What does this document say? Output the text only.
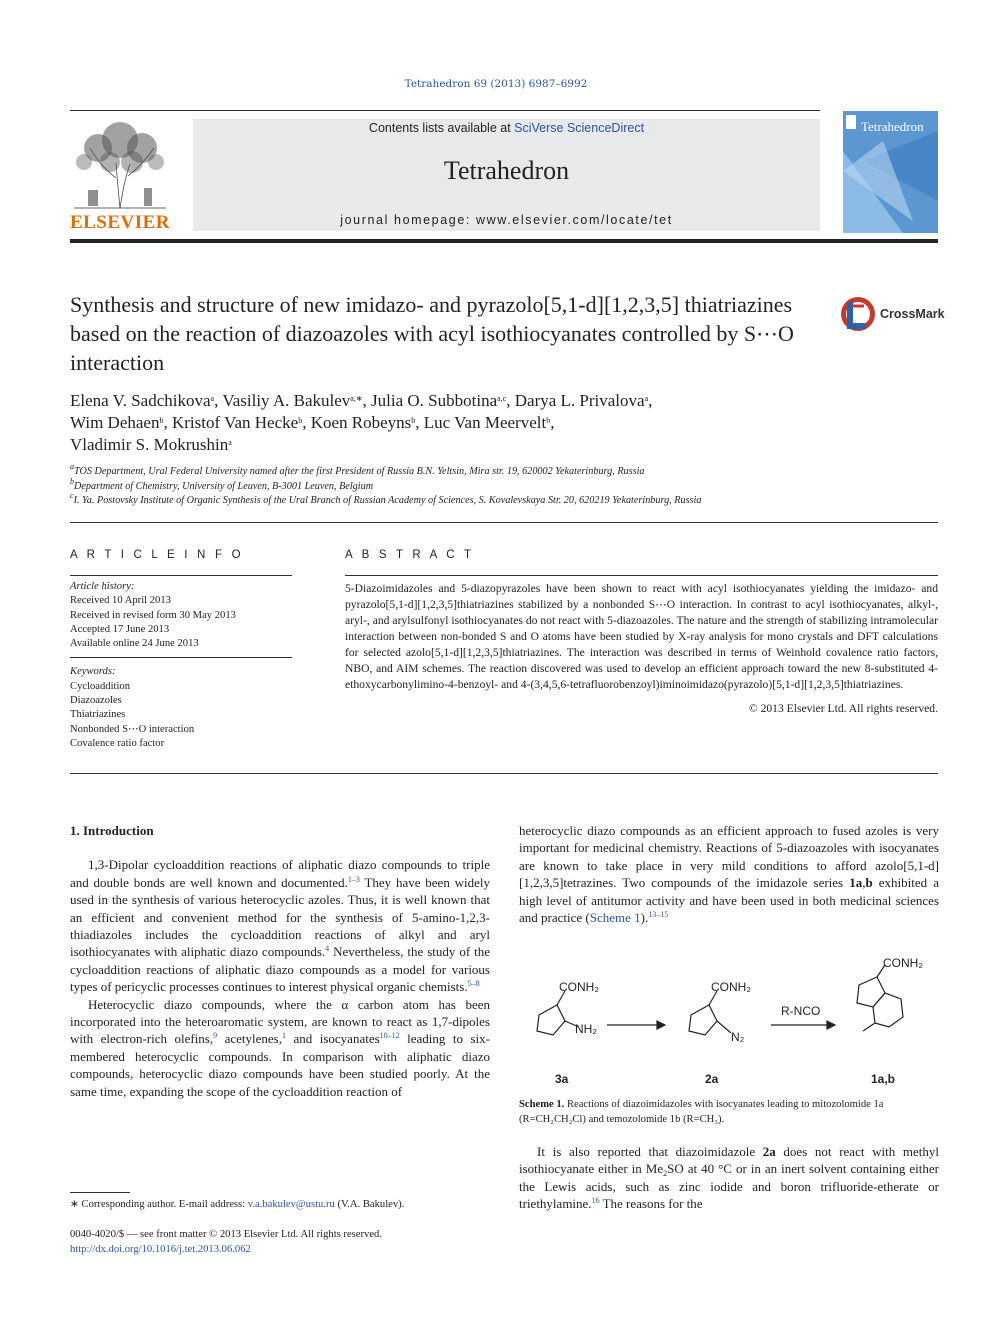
Tetrahedron 69 (2013) 6987–6992
ELSEVIER
Contents lists available at SciVerse ScienceDirect
Tetrahedron
journal homepage: www.elsevier.com/locate/tet
Tetrahedron
Synthesis and structure of new imidazo- and pyrazolo[5,1-d][1,2,3,5] thiatriazines based on the reaction of diazoazoles with acyl isothiocyanates controlled by S⋯O interaction
CrossMark
Elena V. Sadchikova$^a$, Vasiliy A. Bakulev$^{a,∗}$, Julia O. Subbotina$^{a,c}$, Darya L. Privalova$^a$,
Wim Dehaen$^b$, Kristof Van Hecke$^b$, Koen Robeyns$^b$, Luc Van Meervelt$^b$,
Vladimir S. Mokrushin$^a$
$^a$TOS Department, Ural Federal University named after the first President of Russia B.N. Yeltsin, Mira str. 19, 620002 Yekaterinburg, Russia
$^b$Department of Chemistry, University of Leuven, B-3001 Leuven, Belgium
$^c$I. Ya. Postovsky Institute of Organic Synthesis of the Ural Branch of Russian Academy of Sciences, S. Kovalevskaya Str. 20, 620219 Yekaterinburg, Russia
A R T I C L E I N F O	A B S T R A C T
Article history:
Received 10 April 2013
Received in revised form 30 May 2013
Accepted 17 June 2013
Available online 24 June 2013
Keywords:
Cycloaddition
Diazoazoles
Thiatriazines
Nonbonded S⋯O interaction
Covalence ratio factor
5-Diazoimidazoles and 5-diazopyrazoles have been shown to react with acyl isothiocyanates yielding the imidazo- and pyrazolo[5,1-d][1,2,3,5]thiatriazines stabilized by a nonbonded S⋯O interaction. In contrast to acyl isothiocyanates, alkyl-, aryl-, and arylsulfonyl isothiocyanates do not react with 5-diazoazoles. The nature and the strength of stabilizing intramolecular interaction between non-bonded S and O atoms have been studied by X-ray analysis for mono crystals and DFT calculations for selected azolo[5,1-d][1,2,3,5]thiatriazines. The interaction was described in terms of Weinhold covalence ratio factors, NBO, and AIM schemes. The reaction discovered was used to develop an efficient approach toward the new 8-substituted 4-ethoxycarbonylimino-4-benzoyl- and 4-(3,4,5,6-tetrafluorobenzoyl)iminoimidazo(pyrazolo)[5,1-d][1,2,3,5]thiatriazines.
© 2013 Elsevier Ltd. All rights reserved.
1. Introduction

1,3-Dipolar cycloaddition reactions of aliphatic diazo compounds to triple and double bonds are well known and documented.$^{1-3}$ They have been widely used in the synthesis of various heterocyclic azoles. Thus, it is well known that an efficient and convenient method for the synthesis of 5-amino-1,2,3-thiadiazoles includes the cycloaddition reactions of alkyl and aryl isothiocyanates with aliphatic diazo compounds.$^4$ Nevertheless, the study of the cycloaddition reactions of aliphatic diazo compounds as a model for various types of pericyclic processes continues to interest physical organic chemists.$^{5-8}$

Heterocyclic diazo compounds, where the α carbon atom has been incorporated into the heteroaromatic system, are known to react as 1,7-dipoles with electron-rich olefins,$^9$ acetylenes,$^1$ and isocyanates$^{10-12}$ leading to six-membered heterocyclic compounds. In comparison with aliphatic diazo compounds, heterocyclic diazo compounds have been studied poorly. At the same time, expanding the scope of the cycloaddition reaction of

∗ Corresponding author. E-mail address: v.a.bakulev@ustu.ru (V.A. Bakulev).
0040-4020/$ — see front matter © 2013 Elsevier Ltd. All rights reserved.
http://dx.doi.org/10.1016/j.tet.2013.06.062

heterocyclic diazo compounds as an efficient approach to fused azoles is very important for medicinal chemistry. Reactions of 5-diazoazoles with isocyanates are known to take place in very mild conditions to afford azolo[5,1-d][1,2,3,5]tetrazines. Two compounds of the imidazole series 1a,b exhibited a high level of antitumor activity and have been used in both medicinal sciences and practice (Scheme 1).$^{13-15}$

CONH₂
NH₂
CONH₂
N₂
R-NCO
CONH₂
3a	2a	1a,b
Scheme 1. Reactions of diazoimidazoles with isocyanates leading to mitozolomide 1a (R=CH₂CH₂Cl) and temozolomide 1b (R=CH₃).

It is also reported that diazoimidazole 2a does not react with methyl isothiocyanate either in $Me_2SO$ at 40 °C or in an inert solvent containing either the Lewis acids, such as zinc iodide and boron trifluoride-etherate or triethylamine.$^{16}$ The reasons for the
